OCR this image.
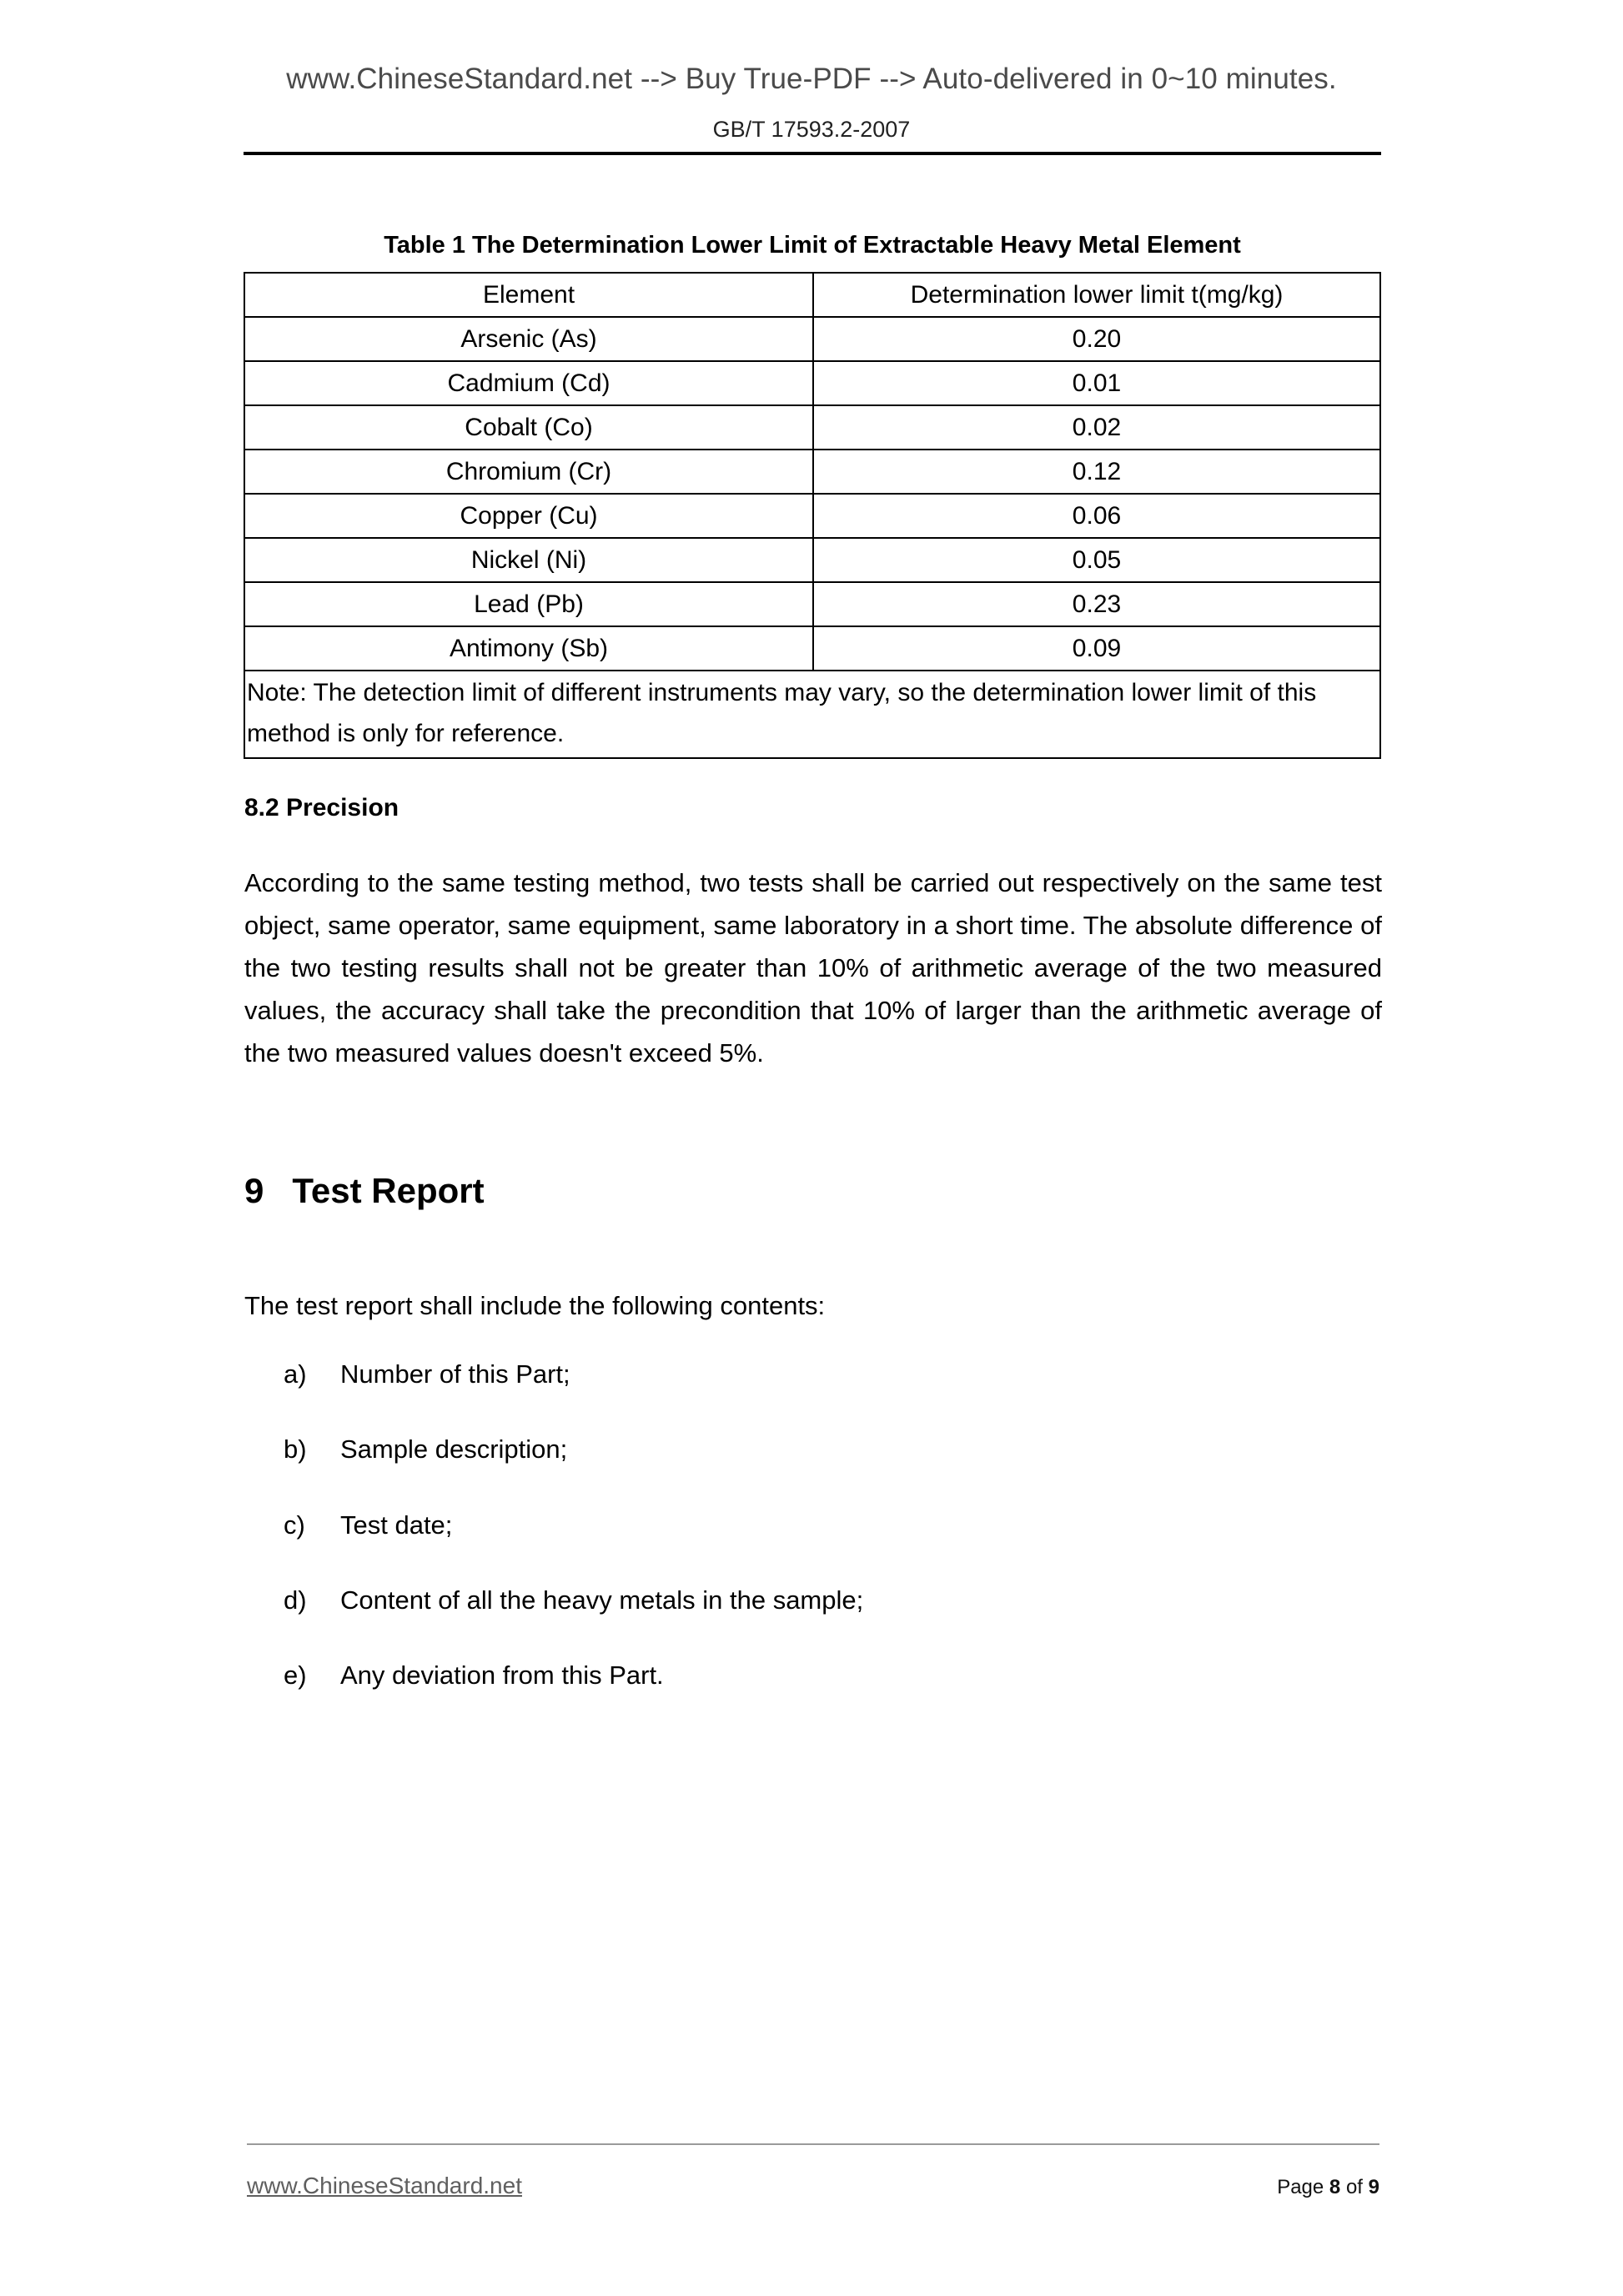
www.ChineseStandard.net --> Buy True-PDF --> Auto-delivered in 0~10 minutes.
GB/T 17593.2-2007
Table 1 The Determination Lower Limit of Extractable Heavy Metal Element
Element	Determination lower limit t(mg/kg)
Arsenic (As)	0.20
Cadmium (Cd)	0.01
Cobalt (Co)	0.02
Chromium (Cr)	0.12
Copper (Cu)	0.06
Nickel (Ni)	0.05
Lead (Pb)	0.23
Antimony (Sb)	0.09
Note: The detection limit of different instruments may vary, so the determination lower limit of this method is only for reference.	
8.2 Precision
According to the same testing method, two tests shall be carried out respectively on the same test object, same operator, same equipment, same laboratory in a short time. The absolute difference of the two testing results shall not be greater than 10% of arithmetic average of the two measured values, the accuracy shall take the precondition that 10% of larger than the arithmetic average of the two measured values doesn't exceed 5%.
9 Test Report
The test report shall include the following contents:
a) Number of this Part;
b) Sample description;
c) Test date;
d) Content of all the heavy metals in the sample;
e) Any deviation from this Part.
www.ChineseStandard.net	Page 8 of 9
